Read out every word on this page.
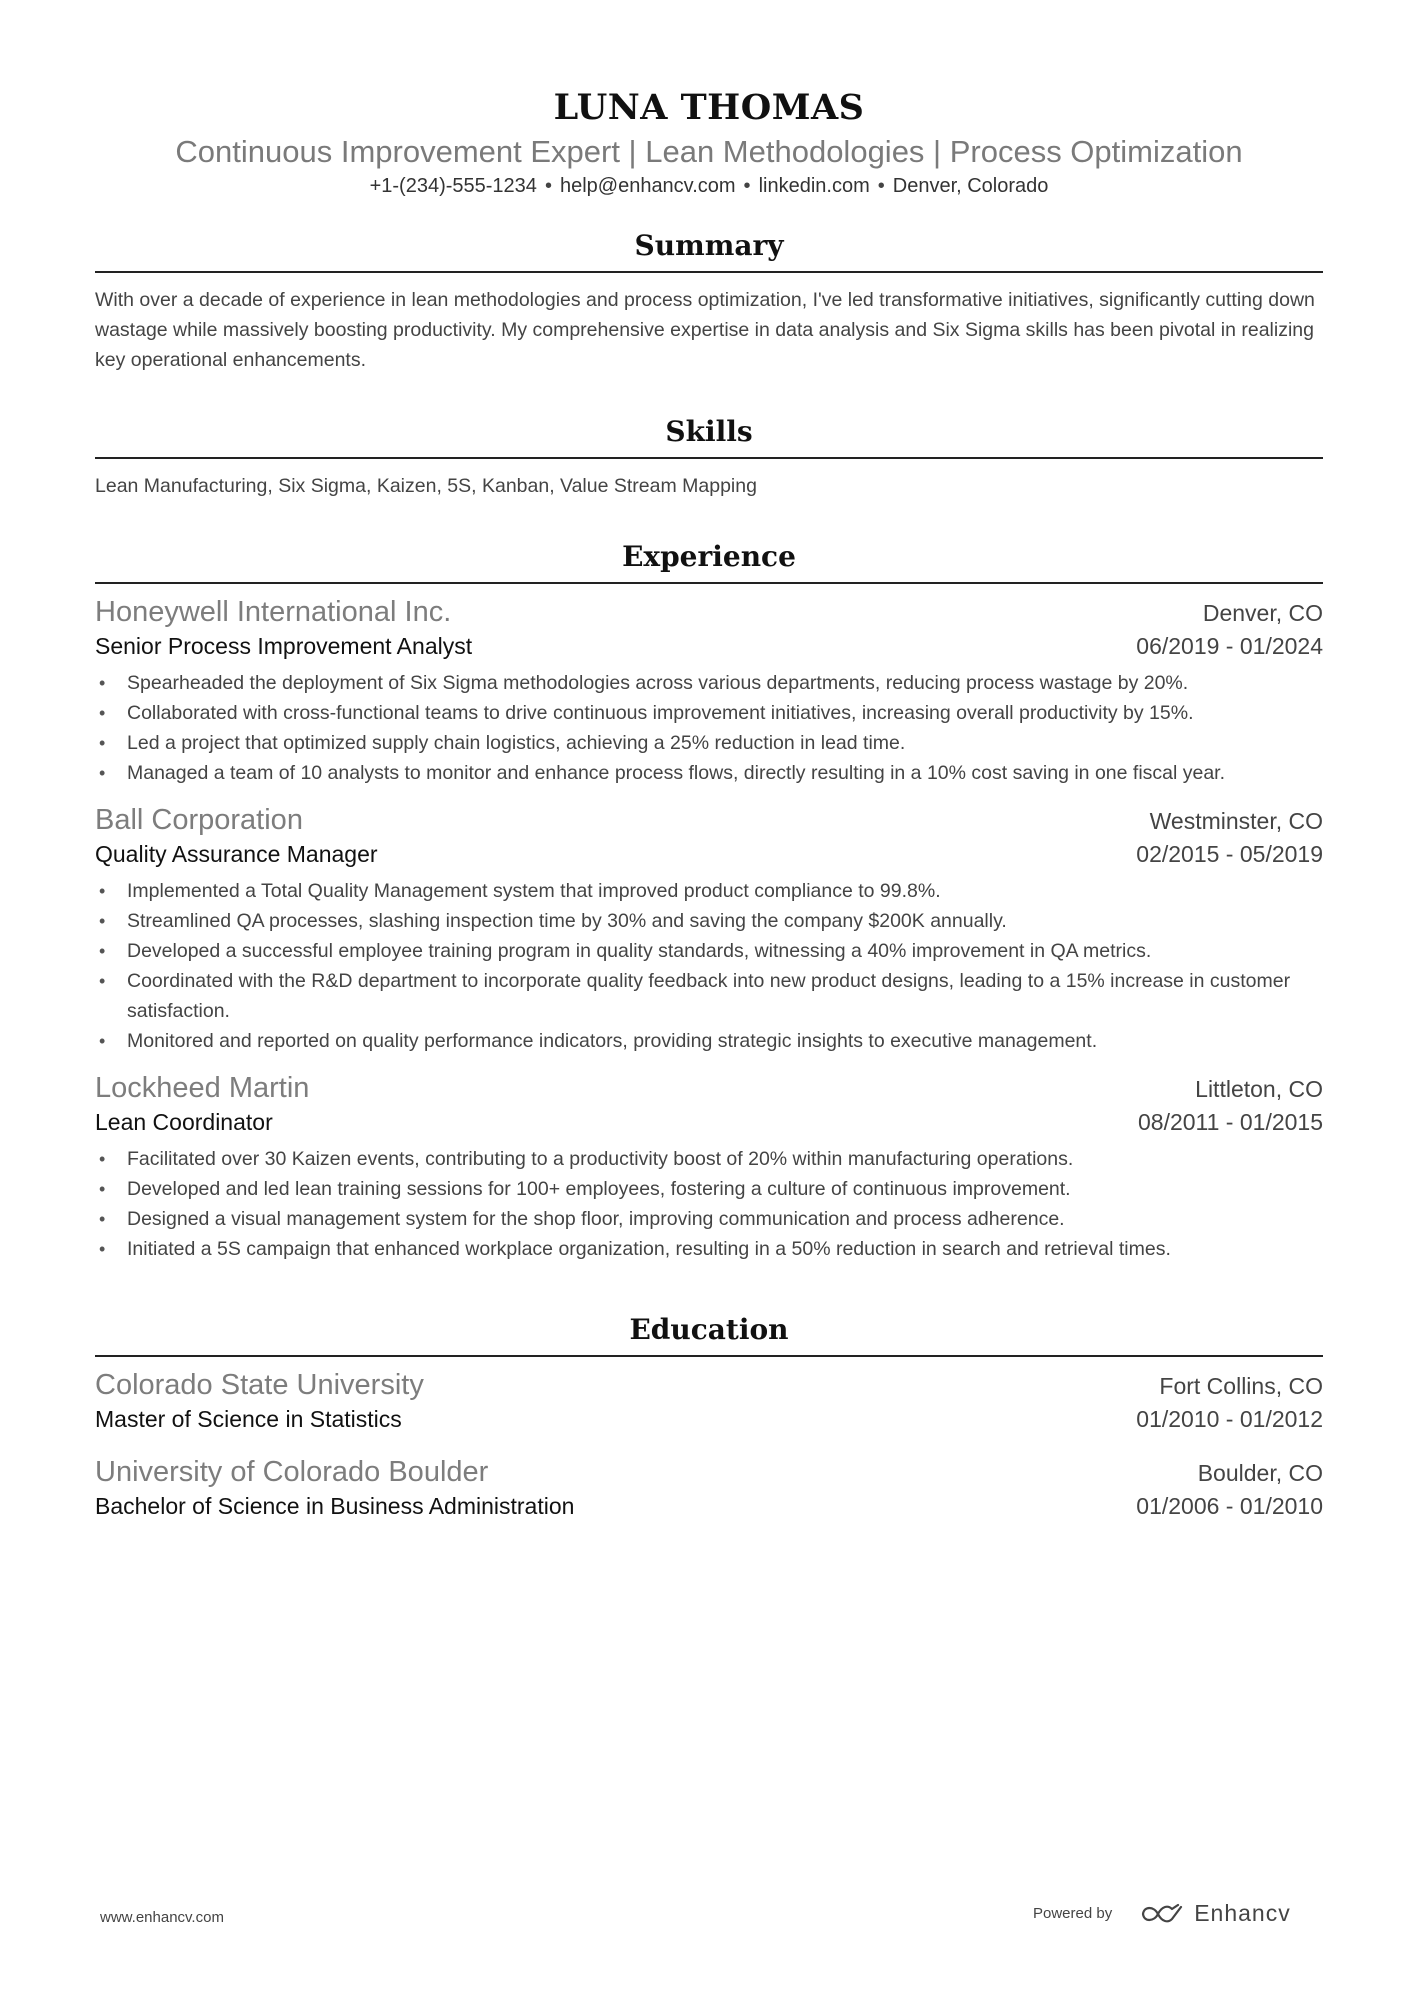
LUNA THOMAS
Continuous Improvement Expert | Lean Methodologies | Process Optimization
+1-(234)-555-1234 • help@enhancv.com • linkedin.com • Denver, Colorado
Summary
With over a decade of experience in lean methodologies and process optimization, I've led transformative initiatives, significantly cutting down wastage while massively boosting productivity. My comprehensive expertise in data analysis and Six Sigma skills has been pivotal in realizing key operational enhancements.
Skills
Lean Manufacturing, Six Sigma, Kaizen, 5S, Kanban, Value Stream Mapping
Experience
Honeywell International Inc.	Denver, CO
Senior Process Improvement Analyst	06/2019 - 01/2024
• Spearheaded the deployment of Six Sigma methodologies across various departments, reducing process wastage by 20%.
• Collaborated with cross-functional teams to drive continuous improvement initiatives, increasing overall productivity by 15%.
• Led a project that optimized supply chain logistics, achieving a 25% reduction in lead time.
• Managed a team of 10 analysts to monitor and enhance process flows, directly resulting in a 10% cost saving in one fiscal year.
Ball Corporation	Westminster, CO
Quality Assurance Manager	02/2015 - 05/2019
• Implemented a Total Quality Management system that improved product compliance to 99.8%.
• Streamlined QA processes, slashing inspection time by 30% and saving the company $200K annually.
• Developed a successful employee training program in quality standards, witnessing a 40% improvement in QA metrics.
• Coordinated with the R&D department to incorporate quality feedback into new product designs, leading to a 15% increase in customer satisfaction.
• Monitored and reported on quality performance indicators, providing strategic insights to executive management.
Lockheed Martin	Littleton, CO
Lean Coordinator	08/2011 - 01/2015
• Facilitated over 30 Kaizen events, contributing to a productivity boost of 20% within manufacturing operations.
• Developed and led lean training sessions for 100+ employees, fostering a culture of continuous improvement.
• Designed a visual management system for the shop floor, improving communication and process adherence.
• Initiated a 5S campaign that enhanced workplace organization, resulting in a 50% reduction in search and retrieval times.
Education
Colorado State University	Fort Collins, CO
Master of Science in Statistics	01/2010 - 01/2012
University of Colorado Boulder	Boulder, CO
Bachelor of Science in Business Administration	01/2006 - 01/2010
www.enhancv.com	Powered by	Enhancv
